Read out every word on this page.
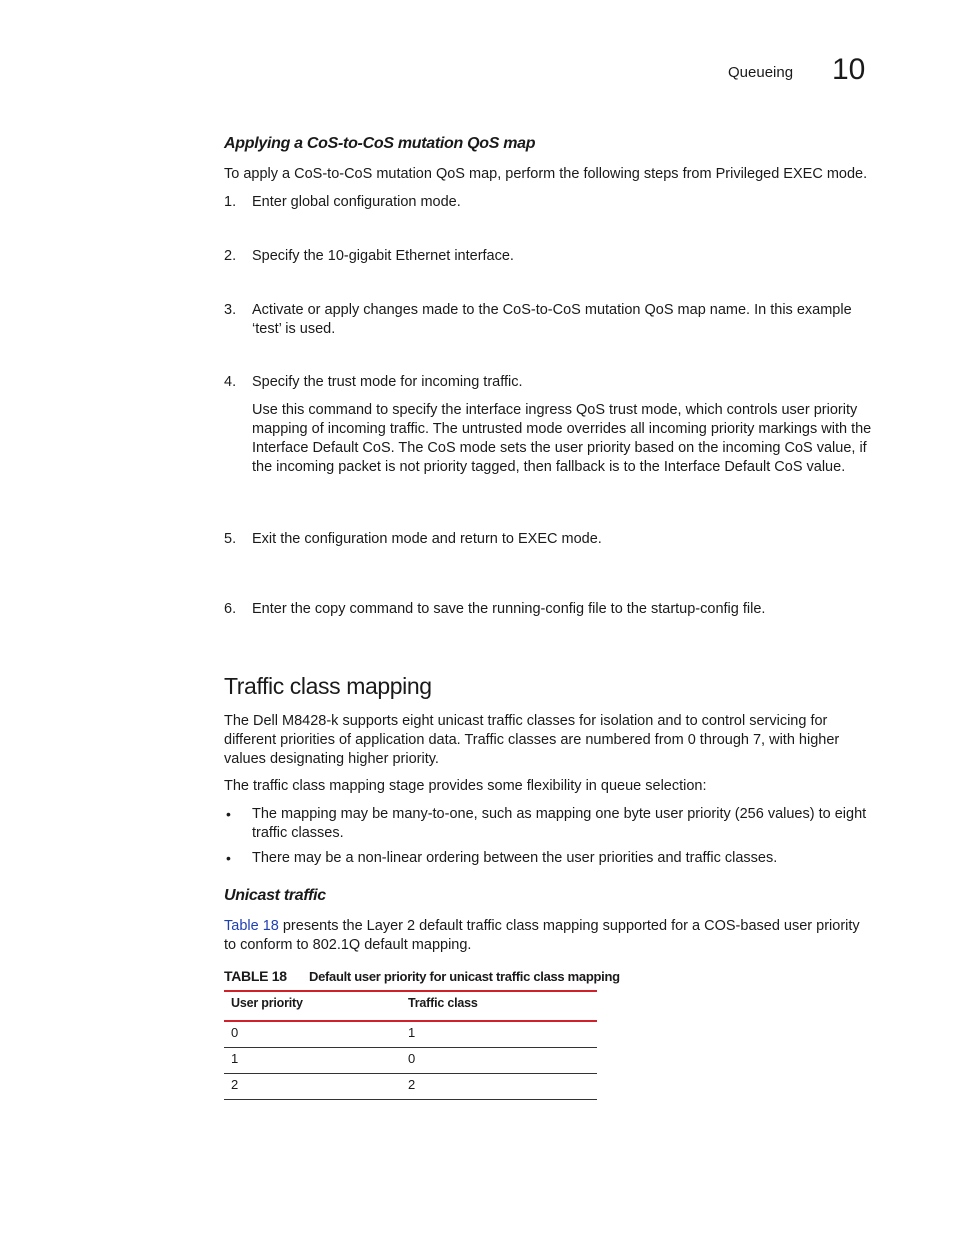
Queueing 10
Applying a CoS-to-CoS mutation QoS map
To apply a CoS-to-CoS mutation QoS map, perform the following steps from Privileged EXEC mode.
1. Enter global configuration mode.
2. Specify the 10-gigabit Ethernet interface.
3. Activate or apply changes made to the CoS-to-CoS mutation QoS map name. In this example ‘test’ is used.
4. Specify the trust mode for incoming traffic.
Use this command to specify the interface ingress QoS trust mode, which controls user priority mapping of incoming traffic. The untrusted mode overrides all incoming priority markings with the Interface Default CoS. The CoS mode sets the user priority based on the incoming CoS value, if the incoming packet is not priority tagged, then fallback is to the Interface Default CoS value.
5. Exit the configuration mode and return to EXEC mode.
6. Enter the copy command to save the running-config file to the startup-config file.
Traffic class mapping
The Dell M8428-k supports eight unicast traffic classes for isolation and to control servicing for different priorities of application data. Traffic classes are numbered from 0 through 7, with higher values designating higher priority.
The traffic class mapping stage provides some flexibility in queue selection:
• The mapping may be many-to-one, such as mapping one byte user priority (256 values) to eight traffic classes.
• There may be a non-linear ordering between the user priorities and traffic classes.
Unicast traffic
Table 18 presents the Layer 2 default traffic class mapping supported for a COS-based user priority to conform to 802.1Q default mapping.
TABLE 18 Default user priority for unicast traffic class mapping
User priority	Traffic class
0	1
1	0
2	2
